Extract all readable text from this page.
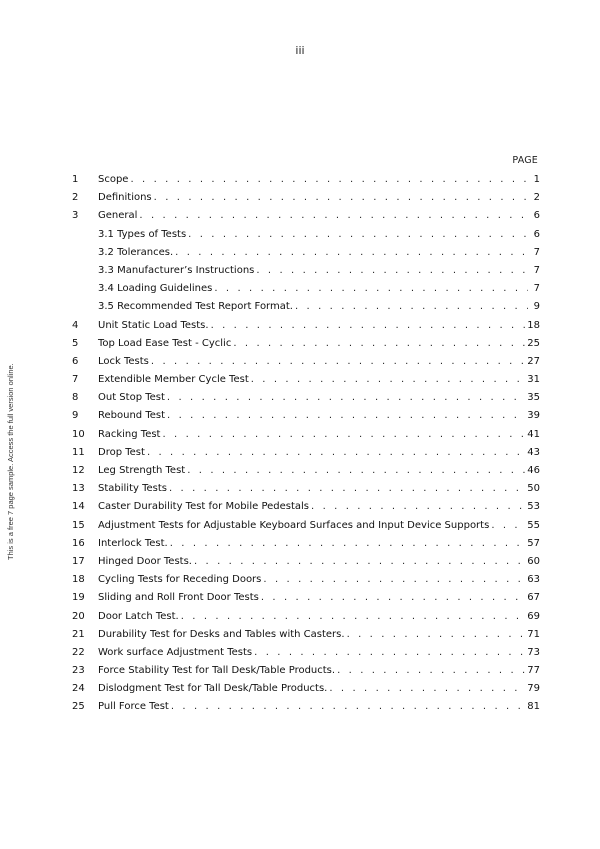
iii
This is a free 7 page sample. Access the full version online.
PAGE
1	Scope . . .	1
2	Definitions . . .	2
3	General . . .	6
3.1 Types of Tests . . .	6
3.2 Tolerances. . . .	7
3.3 Manufacturer’s Instructions . . .	7
3.4 Loading Guidelines . . .	7
3.5 Recommended Test Report Format. . . .	9
4	Unit Static Load Tests. . . .	18
5	Top Load Ease Test - Cyclic . . .	25
6	Lock Tests . . .	27
7	Extendible Member Cycle Test . . .	31
8	Out Stop Test . . .	35
9	Rebound Test . . .	39
10	Racking Test . . .	41
11	Drop Test . . .	43
12	Leg Strength Test . . .	46
13	Stability Tests . . .	50
14	Caster Durability Test for Mobile Pedestals . . .	53
15	Adjustment Tests for Adjustable Keyboard Surfaces and Input Device Supports . . .	55
16	Interlock Test. . . .	57
17	Hinged Door Tests. . . .	60
18	Cycling Tests for Receding Doors . . .	63
19	Sliding and Roll Front Door Tests . . .	67
20	Door Latch Test. . . .	69
21	Durability Test for Desks and Tables with Casters. . . .	71
22	Work surface Adjustment Tests . . .	73
23	Force Stability Test for Tall Desk/Table Products. . . .	77
24	Dislodgment Test for Tall Desk/Table Products. . . .	79
25	Pull Force Test . . .	81
